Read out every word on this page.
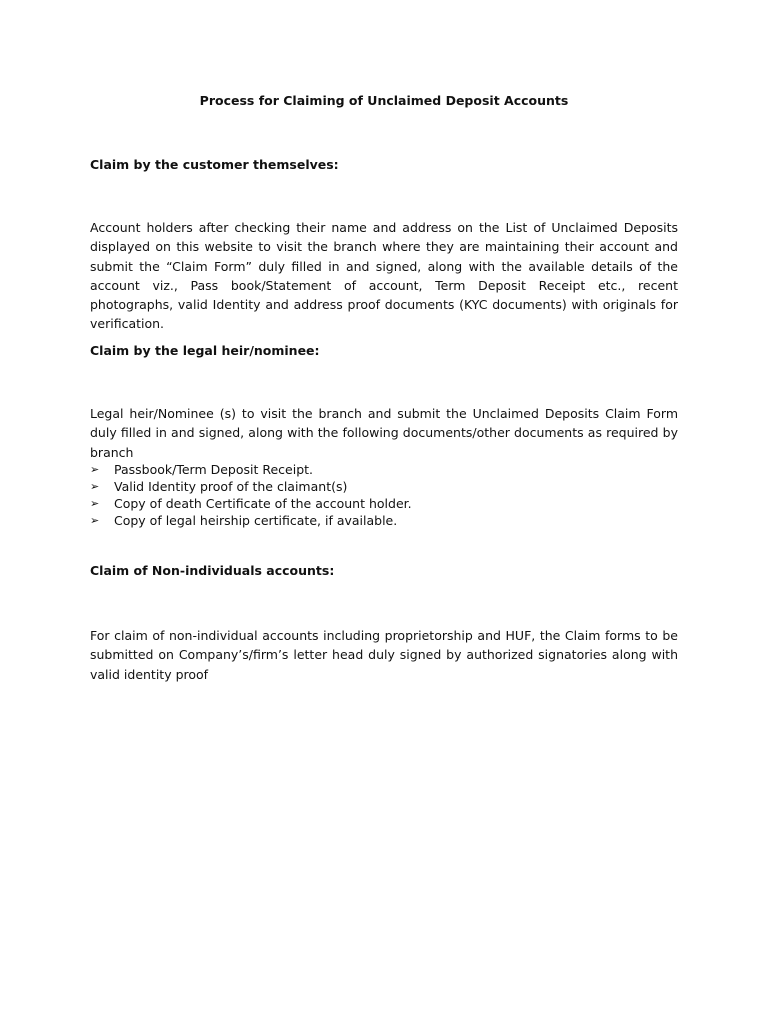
Process for Claiming of Unclaimed Deposit Accounts
Claim by the customer themselves:

Account holders after checking their name and address on the List of Unclaimed Deposits displayed on this website to visit the branch where they are maintaining their account and submit the “Claim Form” duly filled in and signed, along with the available details of the account viz., Pass book/Statement of account, Term Deposit Receipt etc., recent photographs, valid Identity and address proof documents (KYC documents) with originals for verification.

Claim by the legal heir/nominee:

Legal heir/Nominee (s) to visit the branch and submit the Unclaimed Deposits Claim Form duly filled in and signed, along with the following documents/other documents as required by branch

➢	Passbook/Term Deposit Receipt.
➢	Valid Identity proof of the claimant(s)
➢	Copy of death Certificate of the account holder.
➢	Copy of legal heirship certificate, if available.
Claim of Non-individuals accounts:

For claim of non-individual accounts including proprietorship and HUF, the Claim forms to be submitted on Company’s/firm’s letter head duly signed by authorized signatories along with valid identity proof
